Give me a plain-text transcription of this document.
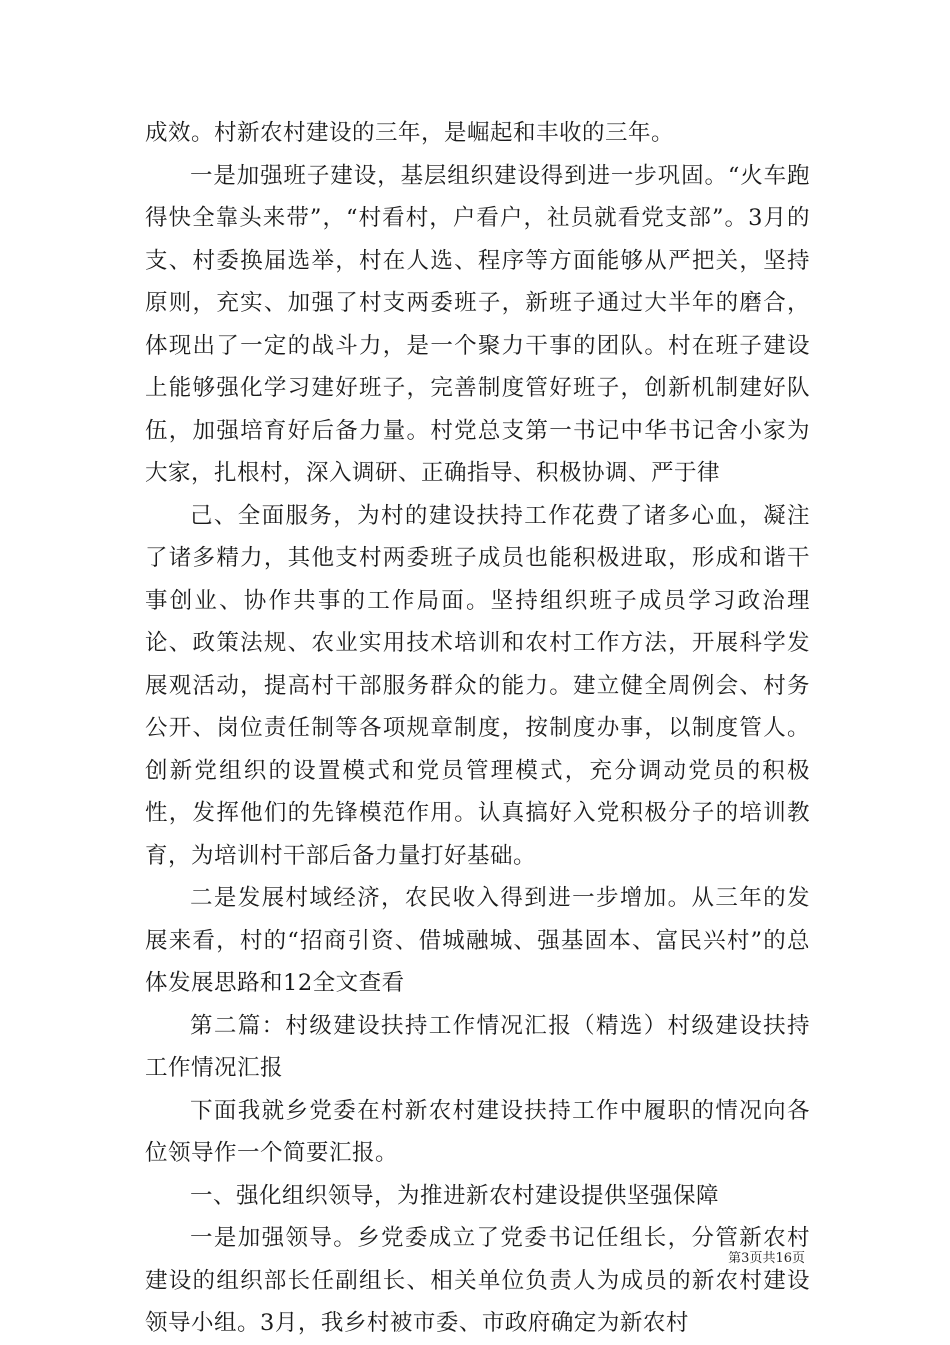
成效。村新农村建设的三年，是崛起和丰收的三年。

一是加强班子建设，基层组织建设得到进一步巩固。“火车跑得快全靠头来带”，“村看村，户看户，社员就看党支部”。3月的支、村委换届选举，村在人选、程序等方面能够从严把关，坚持原则，充实、加强了村支两委班子，新班子通过大半年的磨合，体现出了一定的战斗力，是一个聚力干事的团队。村在班子建设上能够强化学习建好班子，完善制度管好班子，创新机制建好队伍，加强培育好后备力量。村党总支第一书记中华书记舍小家为大家，扎根村，深入调研、正确指导、积极协调、严于律

己、全面服务，为村的建设扶持工作花费了诸多心血，凝注了诸多精力，其他支村两委班子成员也能积极进取，形成和谐干事创业、协作共事的工作局面。坚持组织班子成员学习政治理论、政策法规、农业实用技术培训和农村工作方法，开展科学发展观活动，提高村干部服务群众的能力。建立健全周例会、村务公开、岗位责任制等各项规章制度，按制度办事，以制度管人。创新党组织的设置模式和党员管理模式，充分调动党员的积极性，发挥他们的先锋模范作用。认真搞好入党积极分子的培训教育，为培训村干部后备力量打好基础。

二是发展村域经济，农民收入得到进一步增加。从三年的发展来看，村的“招商引资、借城融城、强基固本、富民兴村”的总体发展思路和12全文查看

第二篇：村级建设扶持工作情况汇报（精选）村级建设扶持工作情况汇报

下面我就乡党委在村新农村建设扶持工作中履职的情况向各位领导作一个简要汇报。

一、强化组织领导，为推进新农村建设提供坚强保障

一是加强领导。乡党委成立了党委书记任组长，分管新农村建设的组织部长任副组长、相关单位负责人为成员的新农村建设领导小组。3月，我乡村被市委、市政府确定为新农村

第3页共16页
